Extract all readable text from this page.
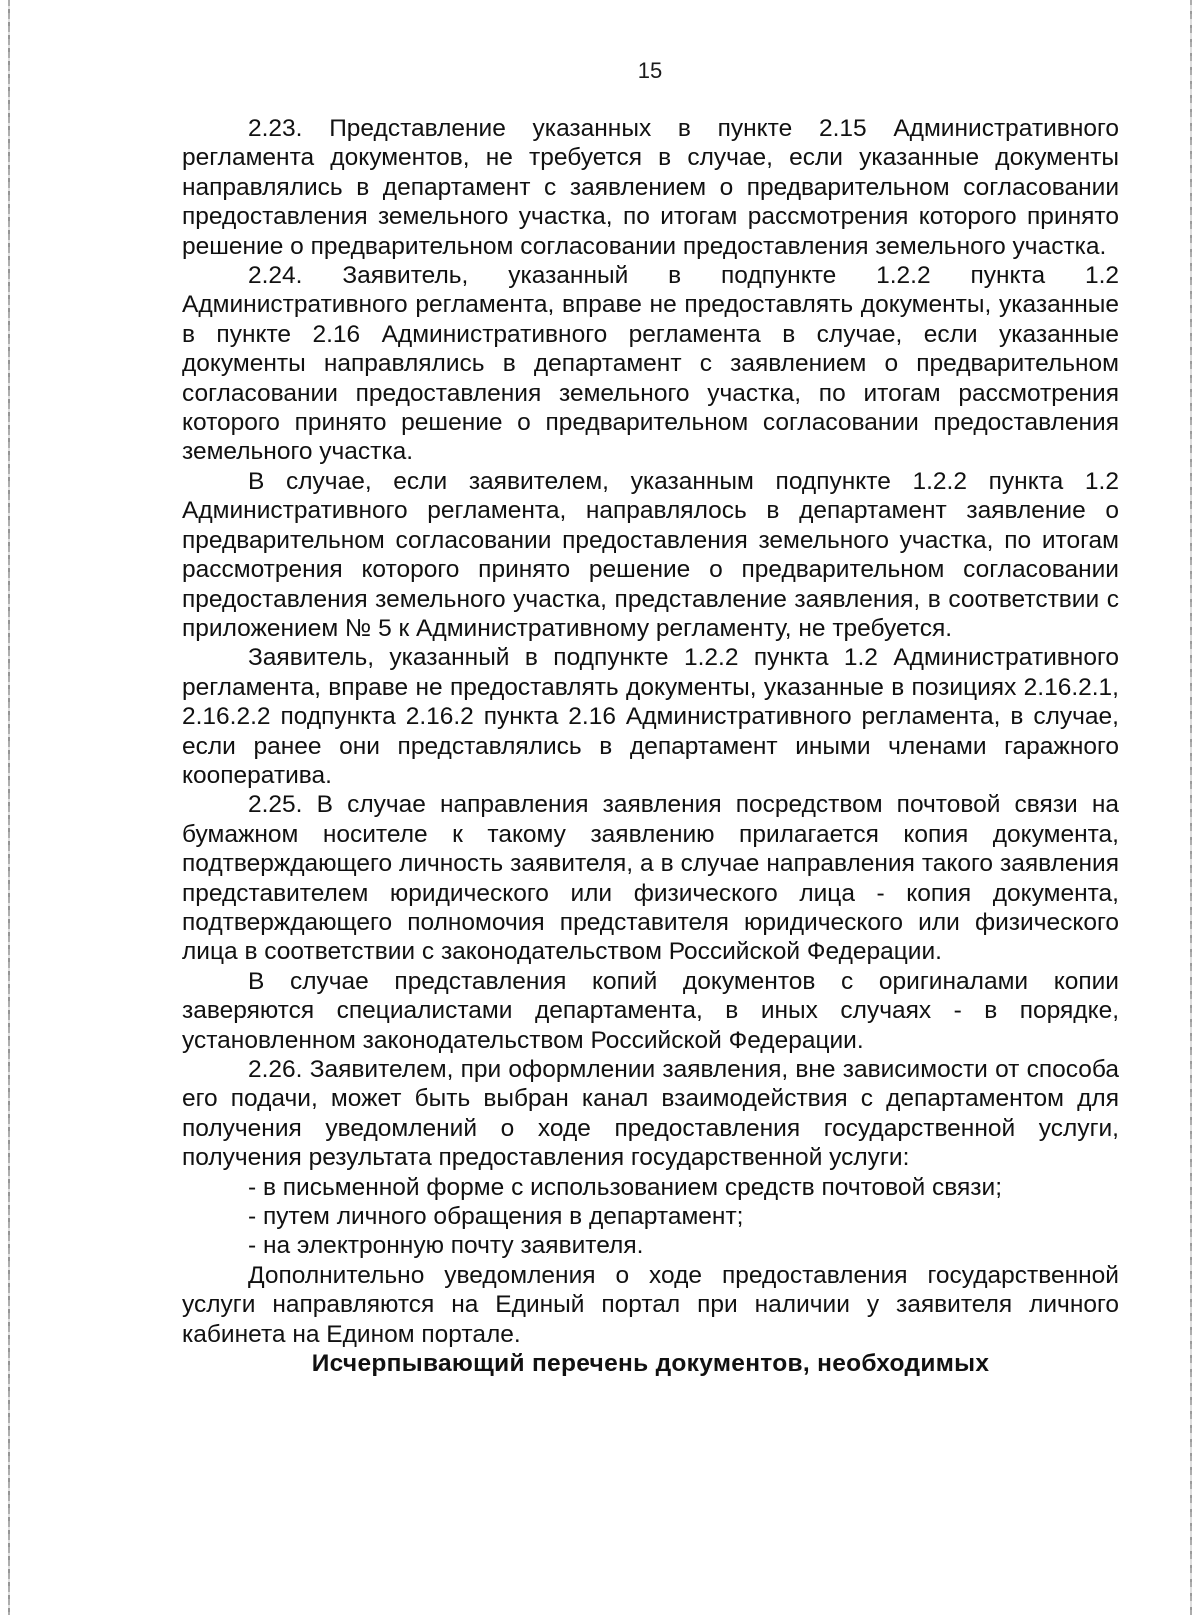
15

2.23. Представление указанных в пункте 2.15 Административного регламента документов, не требуется в случае, если указанные документы направлялись в департамент с заявлением о предварительном согласовании предоставления земельного участка, по итогам рассмотрения которого принято решение о предварительном согласовании предоставления земельного участка.

2.24. Заявитель, указанный в подпункте 1.2.2 пункта 1.2 Административного регламента, вправе не предоставлять документы, указанные в пункте 2.16 Административного регламента в случае, если указанные документы направлялись в департамент с заявлением о предварительном согласовании предоставления земельного участка, по итогам рассмотрения которого принято решение о предварительном согласовании предоставления земельного участка.

В случае, если заявителем, указанным подпункте 1.2.2 пункта 1.2 Административного регламента, направлялось в департамент заявление о предварительном согласовании предоставления земельного участка, по итогам рассмотрения которого принято решение о предварительном согласовании предоставления земельного участка, представление заявления, в соответствии с приложением № 5 к Административному регламенту, не требуется.

Заявитель, указанный в подпункте 1.2.2 пункта 1.2 Административного регламента, вправе не предоставлять документы, указанные в позициях 2.16.2.1, 2.16.2.2 подпункта 2.16.2 пункта 2.16 Административного регламента, в случае, если ранее они представлялись в департамент иными членами гаражного кооператива.

2.25. В случае направления заявления посредством почтовой связи на бумажном носителе к такому заявлению прилагается копия документа, подтверждающего личность заявителя, а в случае направления такого заявления представителем юридического или физического лица - копия документа, подтверждающего полномочия представителя юридического или физического лица в соответствии с законодательством Российской Федерации.

В случае представления копий документов с оригиналами копии заверяются специалистами департамента, в иных случаях - в порядке, установленном законодательством Российской Федерации.

2.26. Заявителем, при оформлении заявления, вне зависимости от способа его подачи, может быть выбран канал взаимодействия с департаментом для получения уведомлений о ходе предоставления государственной услуги, получения результата предоставления государственной услуги:

- в письменной форме с использованием средств почтовой связи;

- путем личного обращения в департамент;

- на электронную почту заявителя.

Дополнительно уведомления о ходе предоставления государственной услуги направляются на Единый портал при наличии у заявителя личного кабинета на Едином портале.

Исчерпывающий перечень документов, необходимых
